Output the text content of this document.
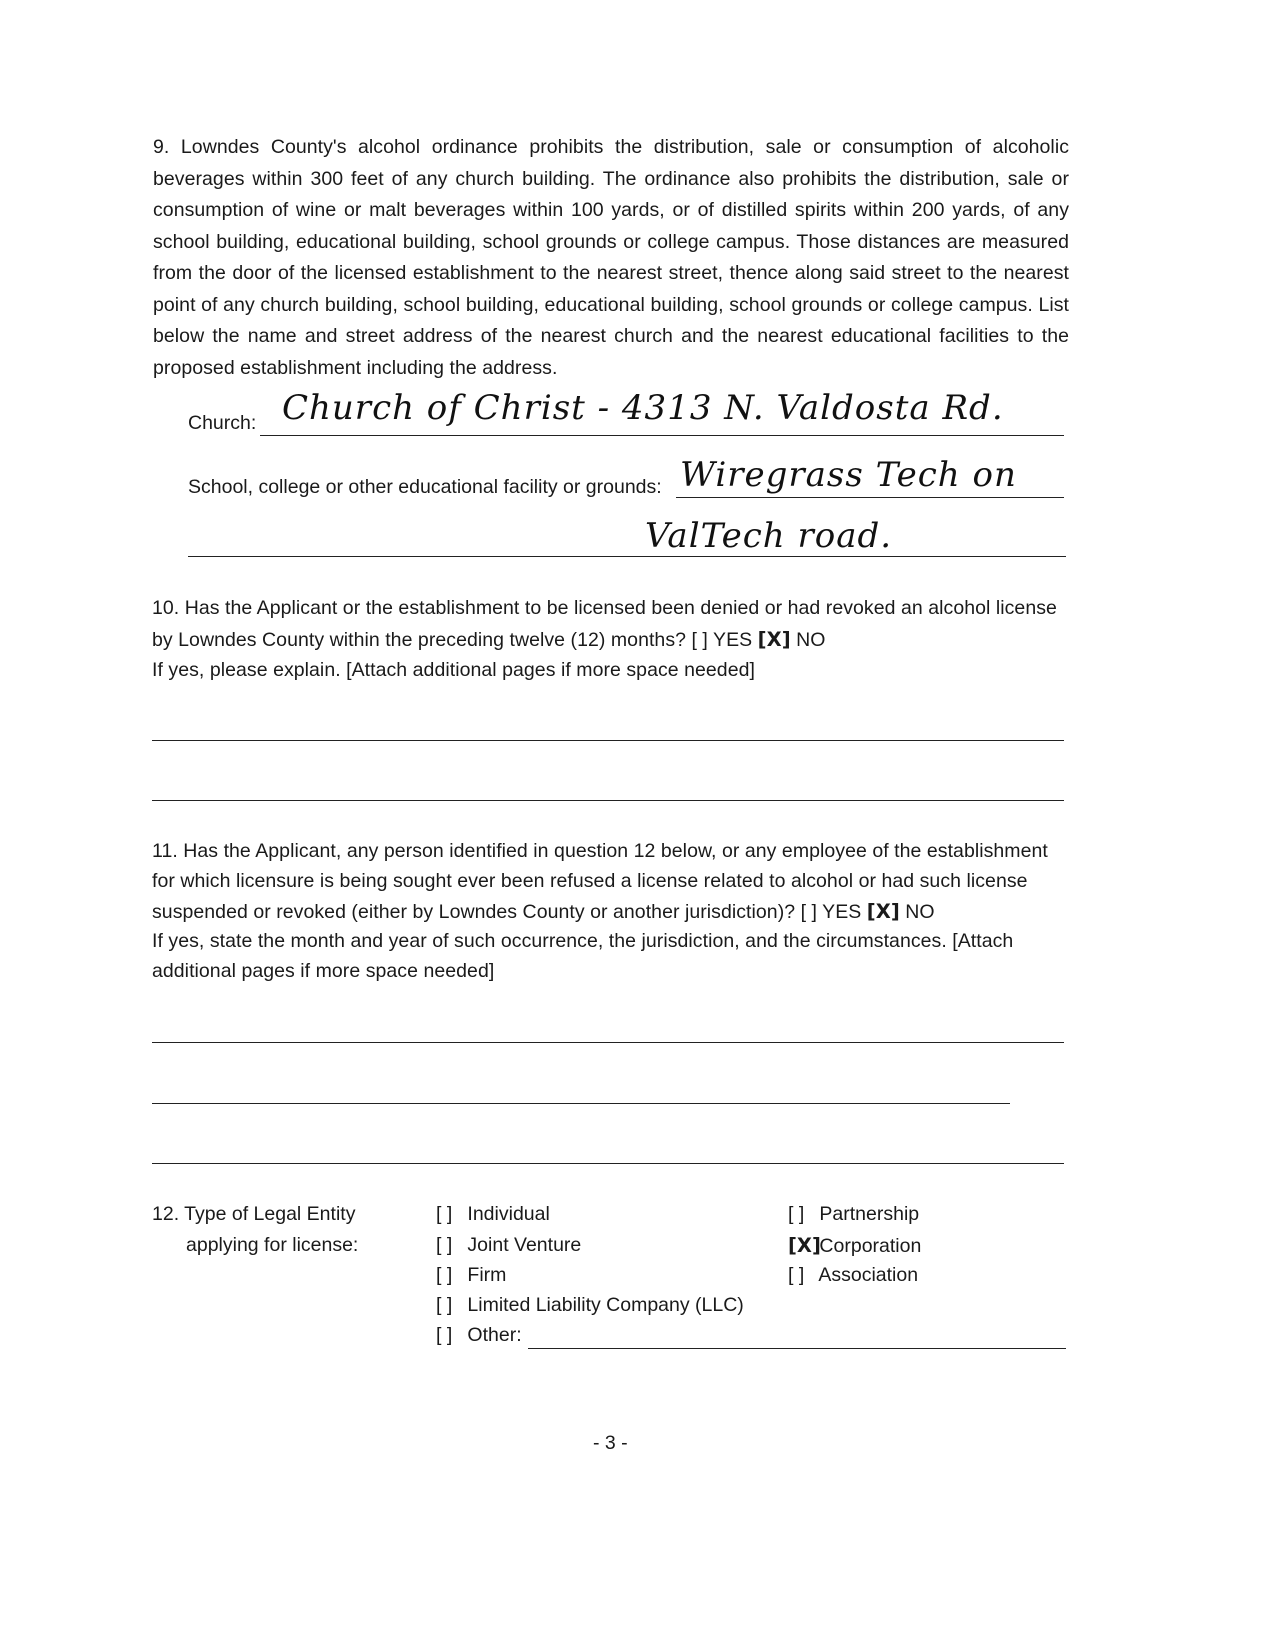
9. Lowndes County's alcohol ordinance prohibits the distribution, sale or consumption of alcoholic beverages within 300 feet of any church building. The ordinance also prohibits the distribution, sale or consumption of wine or malt beverages within 100 yards, or of distilled spirits within 200 yards, of any school building, educational building, school grounds or college campus. Those distances are measured from the door of the licensed establishment to the nearest street, thence along said street to the nearest point of any church building, school building, educational building, school grounds or college campus. List below the name and street address of the nearest church and the nearest educational facilities to the proposed establishment including the address.
Church: Church of Christ - 4313 N. Valdosta Rd.
School, college or other educational facility or grounds: Wiregrass Tech on
ValTech road.
10. Has the Applicant or the establishment to be licensed been denied or had revoked an alcohol license
by Lowndes County within the preceding twelve (12) months? [ ] YES [X] NO
If yes, please explain. [Attach additional pages if more space needed]
11. Has the Applicant, any person identified in question 12 below, or any employee of the establishment
for which licensure is being sought ever been refused a license related to alcohol or had such license
suspended or revoked (either by Lowndes County or another jurisdiction)? [ ] YES [X] NO
If yes, state the month and year of such occurrence, the jurisdiction, and the circumstances. [Attach
additional pages if more space needed]
12. Type of Legal Entity
applying for license:
[ ] Individual
[ ] Joint Venture
[ ] Firm
[ ] Limited Liability Company (LLC)
[ ] Other:
[ ] Partnership
[X] Corporation
[ ] Association
- 3 -
